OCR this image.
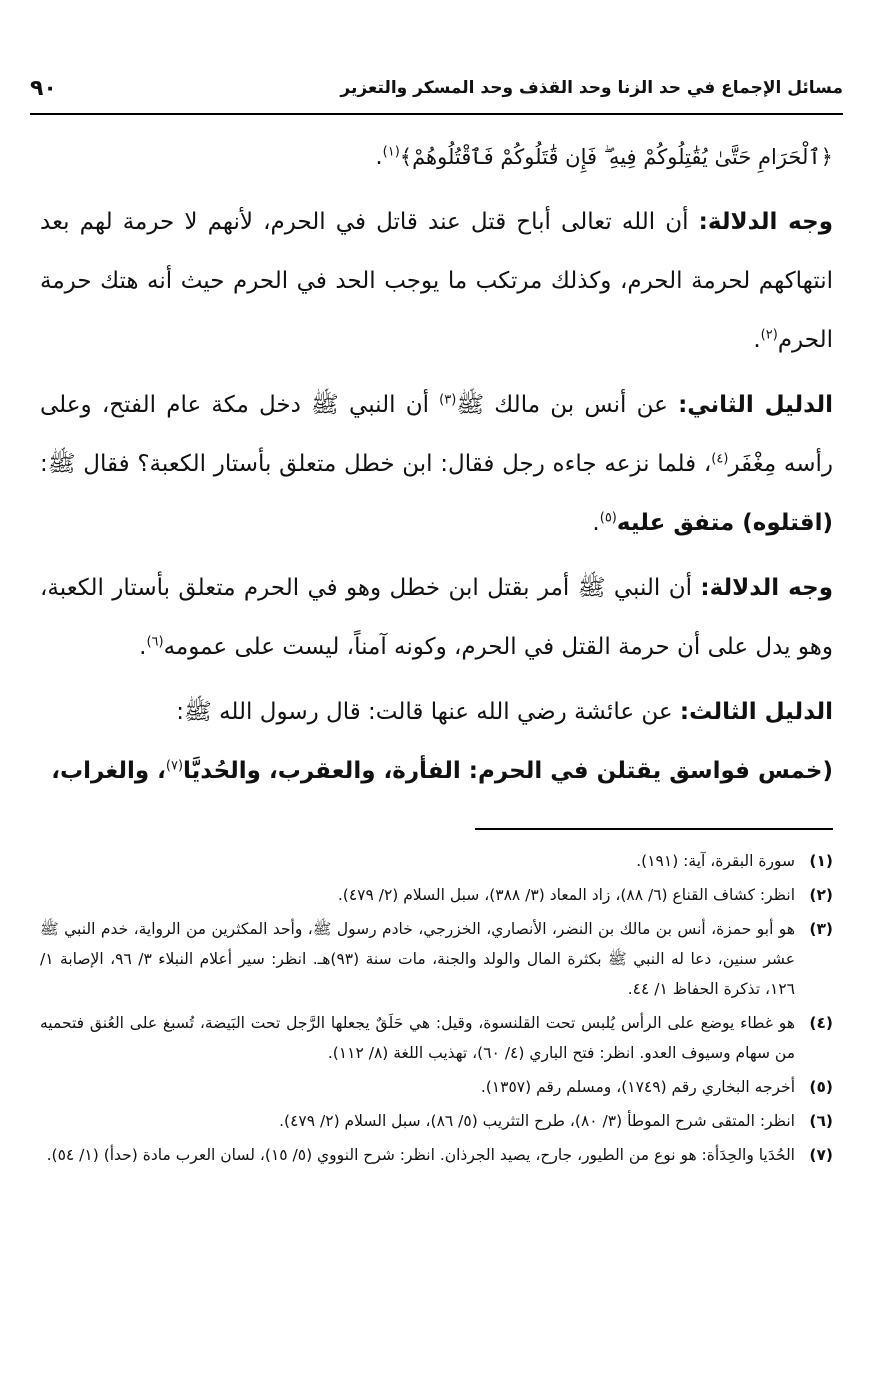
مسائل الإجماع في حد الزنا وحد القذف وحد المسكر والتعزير
٩٠

﴿ٱلْحَرَامِ حَتَّىٰ يُقَٰتِلُوكُمْ فِيهِ ۖ فَإِن قَٰتَلُوكُمْ فَٱقْتُلُوهُمْ﴾$^{(١)}$.

وجه الدلالة: أن الله تعالى أباح قتل عند قاتل في الحرم، لأنهم لا حرمة لهم بعد انتهاكهم لحرمة الحرم، وكذلك مرتكب ما يوجب الحد في الحرم حيث أنه هتك حرمة الحرم$^{(٢)}$.

الدليل الثاني: عن أنس بن مالك ﷺ$^{(٣)}$ أن النبي ﷺ دخل مكة عام الفتح، وعلى رأسه مِغْفَر$^{(٤)}$، فلما نزعه جاءه رجل فقال: ابن خطل متعلق بأستار الكعبة؟ فقال ﷺ: (اقتلوه) متفق عليه$^{(٥)}$.

وجه الدلالة: أن النبي ﷺ أمر بقتل ابن خطل وهو في الحرم متعلق بأستار الكعبة، وهو يدل على أن حرمة القتل في الحرم، وكونه آمناً، ليست على عمومه$^{(٦)}$.

الدليل الثالث: عن عائشة رضي الله عنها قالت: قال رسول الله ﷺ:
(خمس فواسق يقتلن في الحرم: الفأرة، والعقرب، والحُديَّا$^{(٧)}$، والغراب،

(١)
سورة البقرة، آية: (١٩١).
(٢)
انظر: كشاف القناع (٦/ ٨٨)، زاد المعاد (٣/ ٣٨٨)، سبل السلام (٢/ ٤٧٩).
(٣)
هو أبو حمزة، أنس بن مالك بن النضر، الأنصاري، الخزرجي، خادم رسول ﷺ، وأحد المكثرين من الرواية، خدم النبي ﷺ عشر سنين، دعا له النبي ﷺ بكثرة المال والولد والجنة، مات سنة (٩٣)هـ. انظر: سير أعلام النبلاء ٣/ ٩٦، الإصابة ١/ ١٢٦، تذكرة الحفاظ ١/ ٤٤.
(٤)
هو غطاء يوضع على الرأس يُلبس تحت القلنسوة، وقيل: هي حَلَقٌ يجعلها الرَّجل تحت البَيضة، تُسبغ على العُنق فتحميه من سهام وسيوف العدو. انظر: فتح الباري (٤/ ٦٠)، تهذيب اللغة (٨/ ١١٢).
(٥)
أخرجه البخاري رقم (١٧٤٩)، ومسلم رقم (١٣٥٧).
(٦)
انظر: المتقى شرح الموطأ (٣/ ٨٠)، طرح التثريب (٥/ ٨٦)، سبل السلام (٢/ ٤٧٩).
(٧)
الحُدَيا والحِدَأة: هو نوع من الطيور، جارح، يصيد الجرذان. انظر: شرح النووي (٥/ ١٥)، لسان العرب مادة (حدأ) (١/ ٥٤).
